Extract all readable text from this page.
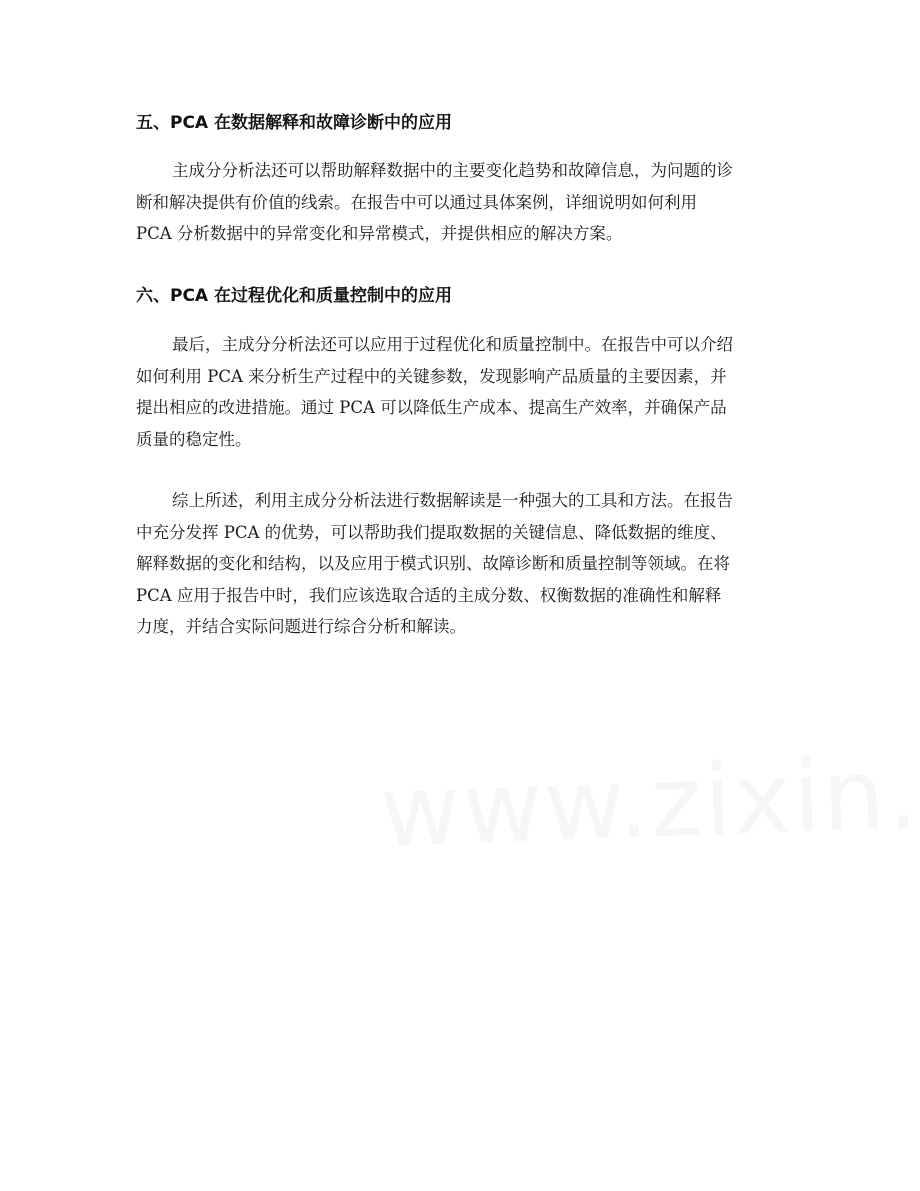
五、PCA 在数据解释和故障诊断中的应用
主成分分析法还可以帮助解释数据中的主要变化趋势和故障信息，为问题的诊
断和解决提供有价值的线索。在报告中可以通过具体案例，详细说明如何利用
PCA 分析数据中的异常变化和异常模式，并提供相应的解决方案。
六、PCA 在过程优化和质量控制中的应用
最后，主成分分析法还可以应用于过程优化和质量控制中。在报告中可以介绍
如何利用 PCA 来分析生产过程中的关键参数，发现影响产品质量的主要因素，并
提出相应的改进措施。通过 PCA 可以降低生产成本、提高生产效率，并确保产品
质量的稳定性。
综上所述，利用主成分分析法进行数据解读是一种强大的工具和方法。在报告
中充分发挥 PCA 的优势，可以帮助我们提取数据的关键信息、降低数据的维度、
解释数据的变化和结构，以及应用于模式识别、故障诊断和质量控制等领域。在将
PCA 应用于报告中时，我们应该选取合适的主成分数、权衡数据的准确性和解释
力度，并结合实际问题进行综合分析和解读。
